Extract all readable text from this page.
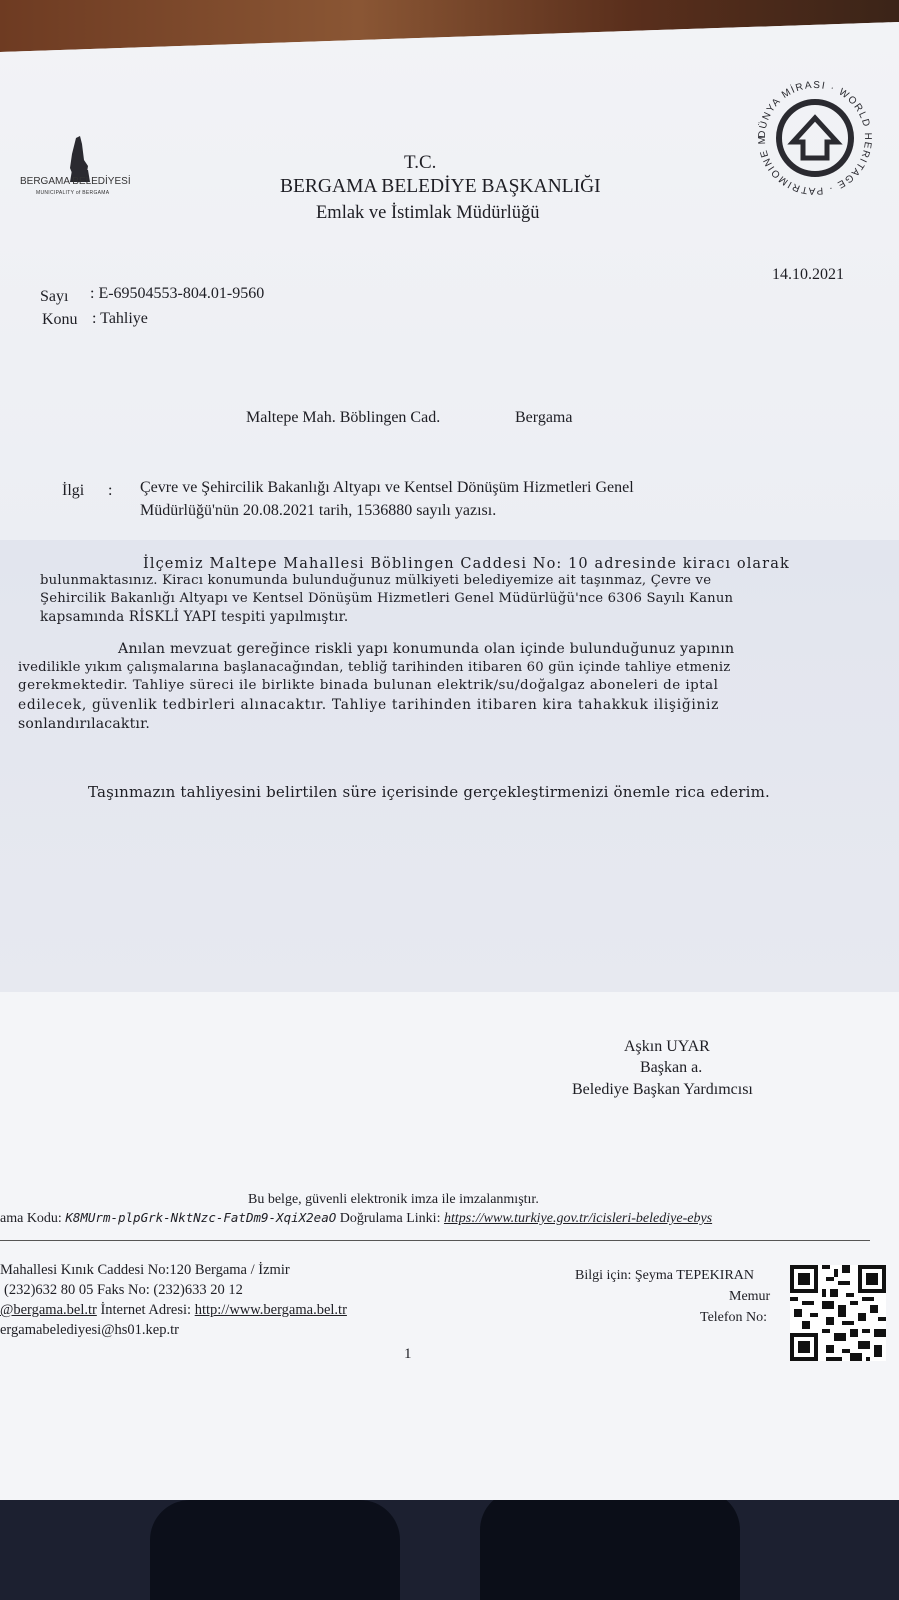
BERGAMA BELEDİYESİ
MUNICIPALITY of BERGAMA
DÜNYA MİRASI · WORLD HERITAGE · PATRIMOINE M
T.C.
BERGAMA BELEDİYE BAŞKANLIĞI
Emlak ve İstimlak Müdürlüğü
14.10.2021
Sayı : E-69504553-804.01-9560
Konu : Tahliye
Maltepe Mah. Böblingen Cad.	Bergama
İlgi : Çevre ve Şehircilik Bakanlığı Altyapı ve Kentsel Dönüşüm Hizmetleri Genel
Müdürlüğü'nün 20.08.2021 tarih, 1536880 sayılı yazısı.
İlçemiz Maltepe Mahallesi Böblingen Caddesi No: 10 adresinde kiracı olarak
bulunmaktasınız. Kiracı konumunda bulunduğunuz mülkiyeti belediyemize ait taşınmaz, Çevre ve
Şehircilik Bakanlığı Altyapı ve Kentsel Dönüşüm Hizmetleri Genel Müdürlüğü'nce 6306 Sayılı Kanun
kapsamında RİSKLİ YAPI tespiti yapılmıştır.
Anılan mevzuat gereğince riskli yapı konumunda olan içinde bulunduğunuz yapının
ivedilikle yıkım çalışmalarına başlanacağından, tebliğ tarihinden itibaren 60 gün içinde tahliye etmeniz
gerekmektedir. Tahliye süreci ile birlikte binada bulunan elektrik/su/doğalgaz aboneleri de iptal
edilecek, güvenlik tedbirleri alınacaktır. Tahliye tarihinden itibaren kira tahakkuk ilişiğiniz
sonlandırılacaktır.
Taşınmazın tahliyesini belirtilen süre içerisinde gerçekleştirmenizi önemle rica ederim.
Aşkın UYAR
Başkan a.
Belediye Başkan Yardımcısı
Bu belge, güvenli elektronik imza ile imzalanmıştır.
ama Kodu: K8MUrm-plpGrk-NktNzc-FatDm9-XqiX2eaO Doğrulama Linki: https://www.turkiye.gov.tr/icisleri-belediye-ebys
Mahallesi Kınık Caddesi No:120 Bergama / İzmir
(232)632 80 05 Faks No: (232)633 20 12
@bergama.bel.tr İnternet Adresi: http://www.bergama.bel.tr
ergamabelediyesi@hs01.kep.tr
Bilgi için: Şeyma TEPEKIRAN
Memur
Telefon No:
1
